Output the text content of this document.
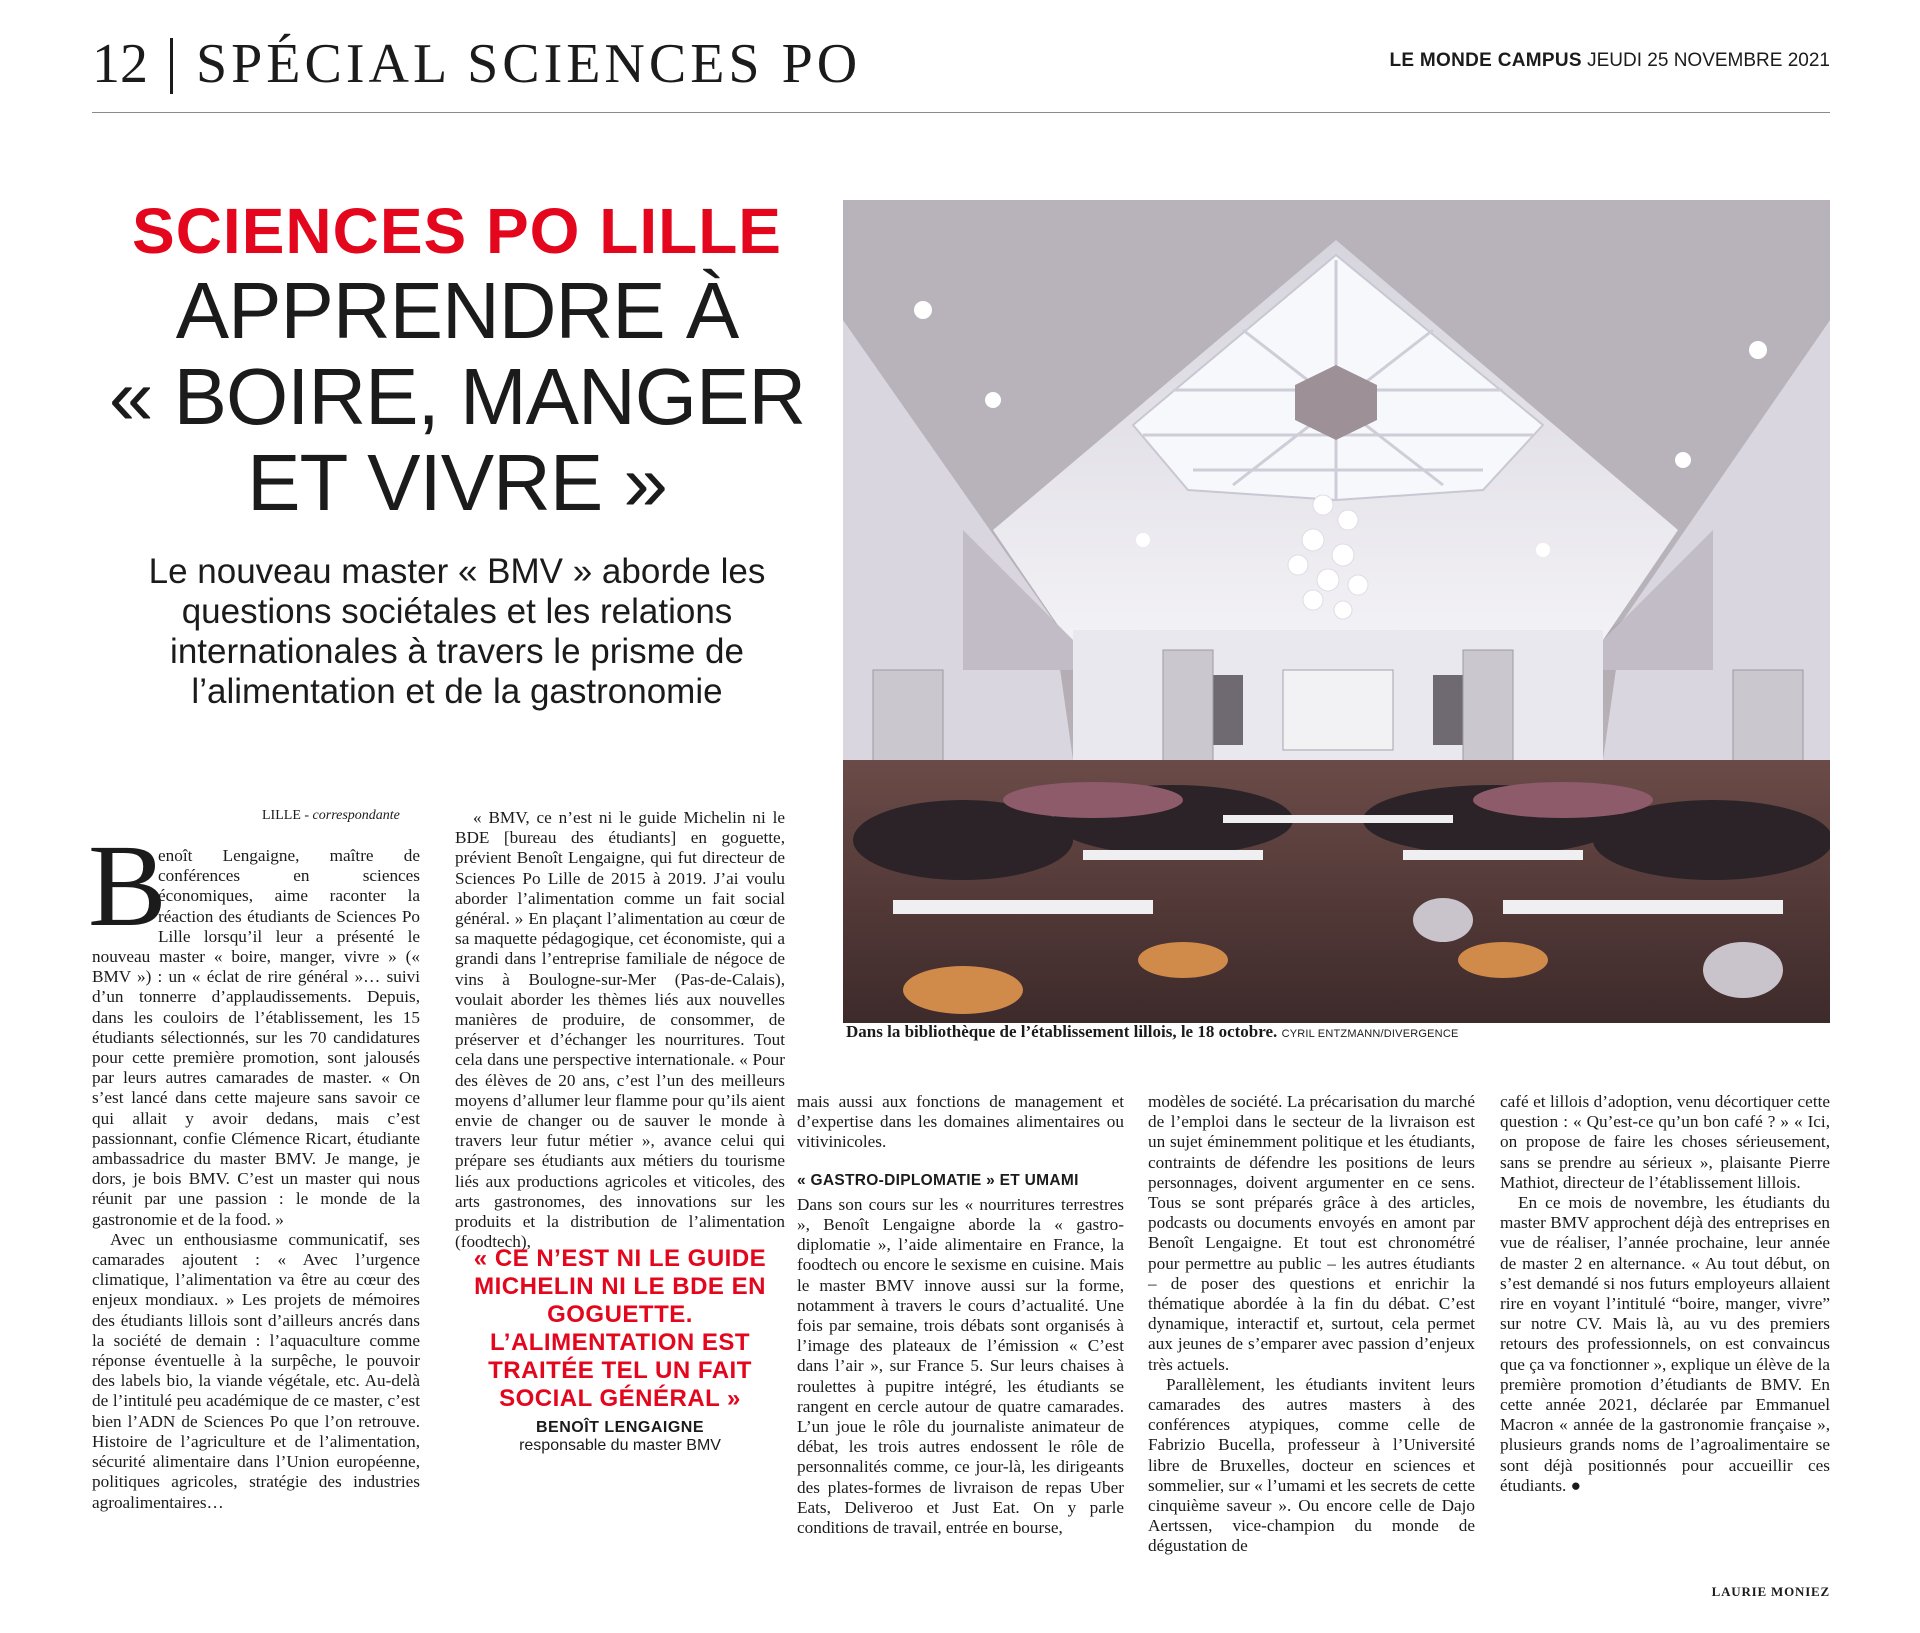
12 SPÉCIAL SCIENCES PO	LE MONDE CAMPUS JEUDI 25 NOVEMBRE 2021
SCIENCES PO LILLE
APPRENDRE À
« BOIRE, MANGER
ET VIVRE »
Le nouveau master « BMV » aborde les questions sociétales et les relations internationales à travers le prisme de l’alimentation et de la gastronomie
Dans la bibliothèque de l’établissement lillois, le 18 octobre. CYRIL ENTZMANN/DIVERGENCE
LILLE - correspondante
B

enoît Lengaigne, maître de conférences en sciences économiques, aime raconter la réaction des étudiants de Sciences Po Lille lorsqu’il leur a présenté le nouveau master « boire, manger, vivre » (« BMV ») : un « éclat de rire général »… suivi d’un tonnerre d’applaudissements. Depuis, dans les couloirs de l’établissement, les 15 étudiants sélectionnés, sur les 70 candidatures pour cette première promotion, sont jalousés par leurs autres camarades de master. « On s’est lancé dans cette majeure sans savoir ce qui allait y avoir dedans, mais c’est passionnant, confie Clémence Ricart, étudiante ambassadrice du master BMV. Je mange, je dors, je bois BMV. C’est un master qui nous réunit par une passion : le monde de la gastronomie et de la food. »

Avec un enthousiasme communicatif, ses camarades ajoutent : « Avec l’urgence climatique, l’alimentation va être au cœur des enjeux mondiaux. » Les projets de mémoires des étudiants lillois sont d’ailleurs ancrés dans la société de demain : l’aquaculture comme réponse éventuelle à la surpêche, le pouvoir des labels bio, la viande végétale, etc. Au-delà de l’intitulé peu académique de ce master, c’est bien l’ADN de Sciences Po que l’on retrouve. Histoire de l’agriculture et de l’alimentation, sécurité alimentaire dans l’Union européenne, politiques agricoles, stratégie des industries agroalimentaires…

« BMV, ce n’est ni le guide Michelin ni le BDE [bureau des étudiants] en goguette, prévient Benoît Lengaigne, qui fut directeur de Sciences Po Lille de 2015 à 2019. J’ai voulu aborder l’alimentation comme un fait social général. » En plaçant l’alimentation au cœur de sa maquette pédagogique, cet économiste, qui a grandi dans l’entreprise familiale de négoce de vins à Boulogne-sur-Mer (Pas-de-Calais), voulait aborder les thèmes liés aux nouvelles manières de produire, de consommer, de préserver et d’échanger les nourritures. Tout cela dans une perspective internationale. « Pour des élèves de 20 ans, c’est l’un des meilleurs moyens d’allumer leur flamme pour qu’ils aient envie de changer ou de sauver le monde à travers leur futur métier », avance celui qui prépare ses étudiants aux métiers du tourisme liés aux productions agricoles et viticoles, des arts gastronomes, des innovations sur les produits et la distribution de l’alimentation (foodtech),

« CE N’EST NI LE GUIDE MICHELIN NI LE BDE EN GOGUETTE. L’ALIMENTATION EST TRAITÉE TEL UN FAIT SOCIAL GÉNÉRAL »
BENOÎT LENGAIGNE
responsable du master BMV

mais aussi aux fonctions de management et d’expertise dans les domaines alimentaires ou vitivinicoles.

« GASTRO-DIPLOMATIE » ET UMAMI

Dans son cours sur les « nourritures terrestres », Benoît Lengaigne aborde la « gastro-diplomatie », l’aide alimentaire en France, la foodtech ou encore le sexisme en cuisine. Mais le master BMV innove aussi sur la forme, notamment à travers le cours d’actualité. Une fois par semaine, trois débats sont organisés à l’image des plateaux de l’émission « C’est dans l’air », sur France 5. Sur leurs chaises à roulettes à pupitre intégré, les étudiants se rangent en cercle autour de quatre camarades. L’un joue le rôle du journaliste animateur de débat, les trois autres endossent le rôle de personnalités comme, ce jour-là, les dirigeants des plates-formes de livraison de repas Uber Eats, Deliveroo et Just Eat. On y parle conditions de travail, entrée en bourse,

modèles de société. La précarisation du marché de l’emploi dans le secteur de la livraison est un sujet éminemment politique et les étudiants, contraints de défendre les positions de leurs personnages, doivent argumenter en ce sens. Tous se sont préparés grâce à des articles, podcasts ou documents envoyés en amont par Benoît Lengaigne. Et tout est chronométré pour permettre au public – les autres étudiants – de poser des questions et enrichir la thématique abordée à la fin du débat. C’est dynamique, interactif et, surtout, cela permet aux jeunes de s’emparer avec passion d’enjeux très actuels.

Parallèlement, les étudiants invitent leurs camarades des autres masters à des conférences atypiques, comme celle de Fabrizio Bucella, professeur à l’Université libre de Bruxelles, docteur en sciences et sommelier, sur « l’umami et les secrets de cette cinquième saveur ». Ou encore celle de Dajo Aertssen, vice-champion du monde de dégustation de

café et lillois d’adoption, venu décortiquer cette question : « Qu’est-ce qu’un bon café ? » « Ici, on propose de faire les choses sérieusement, sans se prendre au sérieux », plaisante Pierre Mathiot, directeur de l’établissement lillois.

En ce mois de novembre, les étudiants du master BMV approchent déjà des entreprises en vue de réaliser, l’année prochaine, leur année de master 2 en alternance. « Au tout début, on s’est demandé si nos futurs employeurs allaient rire en voyant l’intitulé “boire, manger, vivre” sur notre CV. Mais là, au vu des premiers retours des professionnels, on est convaincus que ça va fonctionner », explique un élève de la première promotion d’étudiants de BMV. En cette année 2021, déclarée par Emmanuel Macron « année de la gastronomie française », plusieurs grands noms de l’agroalimentaire se sont déjà positionnés pour accueillir ces étudiants. ●

LAURIE MONIEZ
